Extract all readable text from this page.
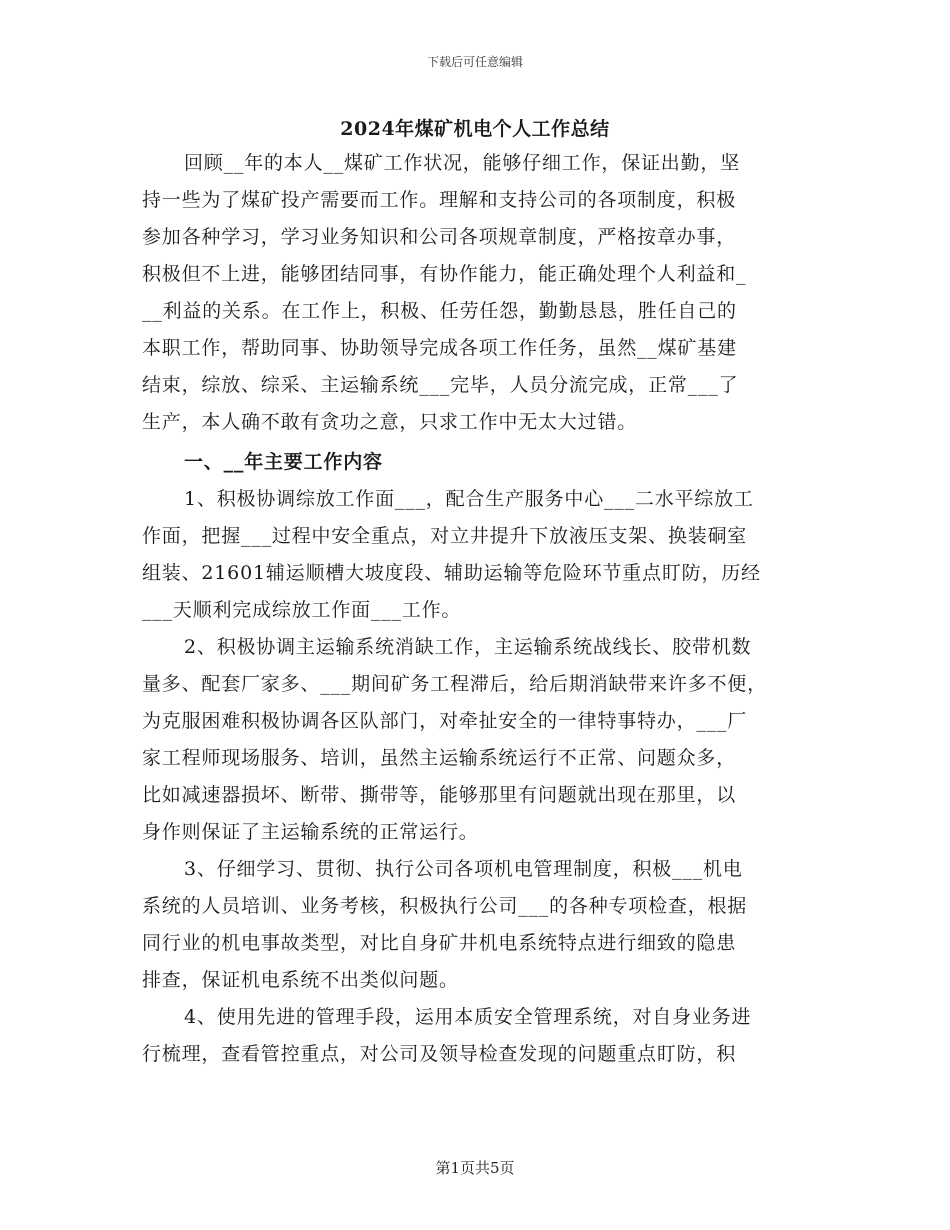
下载后可任意编辑
2024年煤矿机电个人工作总结
回顾__年的本人__煤矿工作状况，能够仔细工作，保证出勤，坚
持一些为了煤矿投产需要而工作。理解和支持公司的各项制度，积极
参加各种学习，学习业务知识和公司各项规章制度，严格按章办事，
积极但不上进，能够团结同事，有协作能力，能正确处理个人利益和_
__利益的关系。在工作上，积极、任劳任怨，勤勤恳恳，胜任自己的
本职工作，帮助同事、协助领导完成各项工作任务，虽然__煤矿基建
结束，综放、综采、主运输系统___完毕，人员分流完成，正常___了
生产，本人确不敢有贪功之意，只求工作中无太大过错。
一、__年主要工作内容
1、积极协调综放工作面___，配合生产服务中心___二水平综放工
作面，把握___过程中安全重点，对立井提升下放液压支架、换装硐室
组装、21601辅运顺槽大坡度段、辅助运输等危险环节重点盯防，历经
___天顺利完成综放工作面___工作。
2、积极协调主运输系统消缺工作，主运输系统战线长、胶带机数
量多、配套厂家多、___期间矿务工程滞后，给后期消缺带来许多不便，
为克服困难积极协调各区队部门，对牵扯安全的一律特事特办，___厂
家工程师现场服务、培训，虽然主运输系统运行不正常、问题众多，
比如减速器损坏、断带、撕带等，能够那里有问题就出现在那里，以
身作则保证了主运输系统的正常运行。
3、仔细学习、贯彻、执行公司各项机电管理制度，积极___机电
系统的人员培训、业务考核，积极执行公司___的各种专项检查，根据
同行业的机电事故类型，对比自身矿井机电系统特点进行细致的隐患
排查，保证机电系统不出类似问题。
4、使用先进的管理手段，运用本质安全管理系统，对自身业务进
行梳理，查看管控重点，对公司及领导检查发现的问题重点盯防，积
第1页共5页
